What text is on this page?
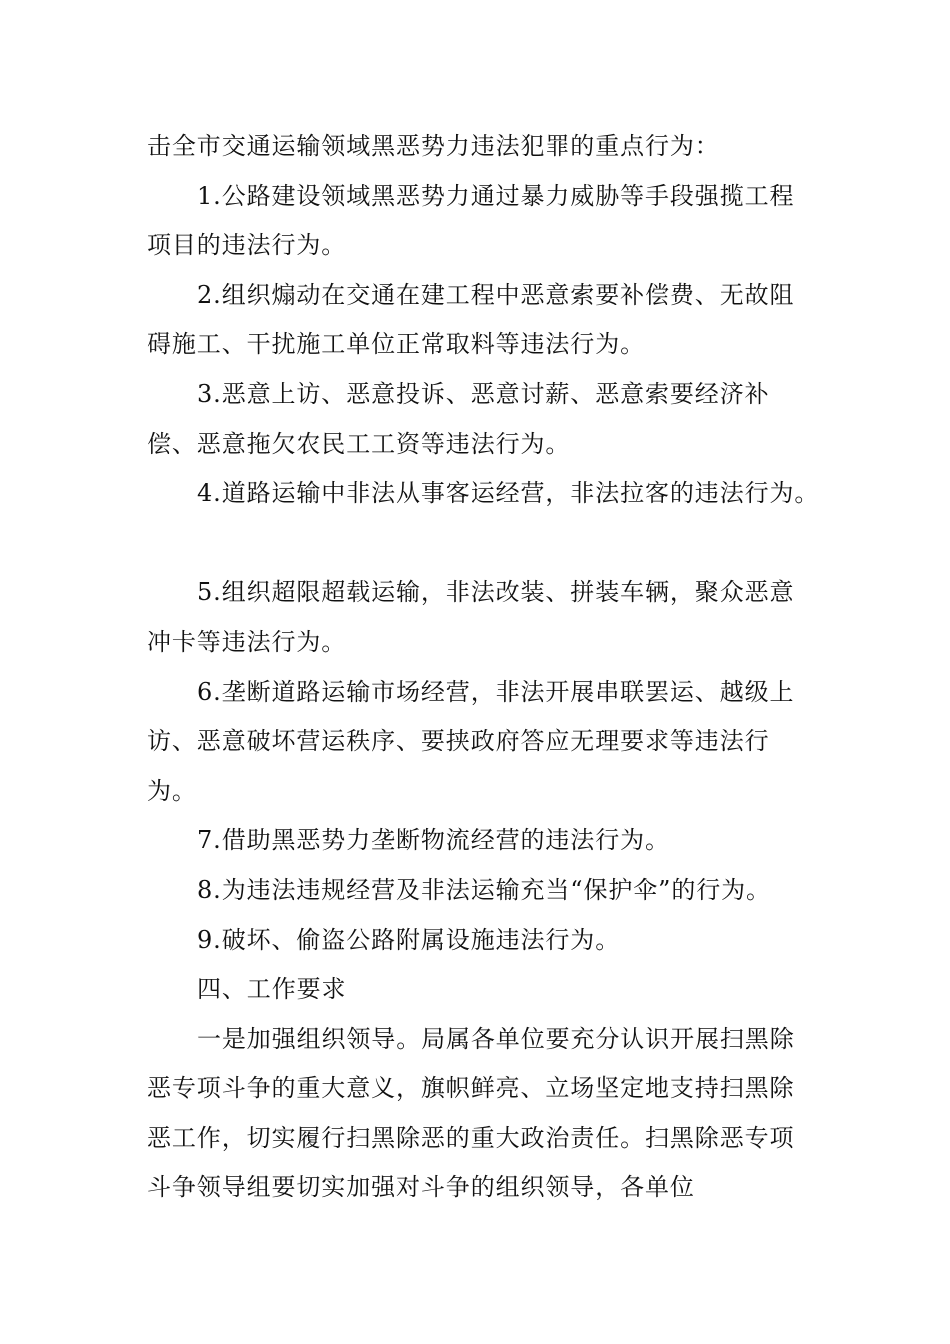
击全市交通运输领域黑恶势力违法犯罪的重点行为：

1.公路建设领域黑恶势力通过暴力威胁等手段强揽工程项目的违法行为。

2.组织煽动在交通在建工程中恶意索要补偿费、无故阻碍施工、干扰施工单位正常取料等违法行为。

3.恶意上访、恶意投诉、恶意讨薪、恶意索要经济补偿、恶意拖欠农民工工资等违法行为。

4.道路运输中非法从事客运经营，非法拉客的违法行为。

5.组织超限超载运输，非法改装、拼装车辆，聚众恶意冲卡等违法行为。

6.垄断道路运输市场经营，非法开展串联罢运、越级上访、恶意破坏营运秩序、要挟政府答应无理要求等违法行为。

7.借助黑恶势力垄断物流经营的违法行为。

8.为违法违规经营及非法运输充当“保护伞”的行为。

9.破坏、偷盗公路附属设施违法行为。

四、工作要求

一是加强组织领导。局属各单位要充分认识开展扫黑除恶专项斗争的重大意义，旗帜鲜亮、立场坚定地支持扫黑除恶工作，切实履行扫黑除恶的重大政治责任。扫黑除恶专项斗争领导组要切实加强对斗争的组织领导，各单位
